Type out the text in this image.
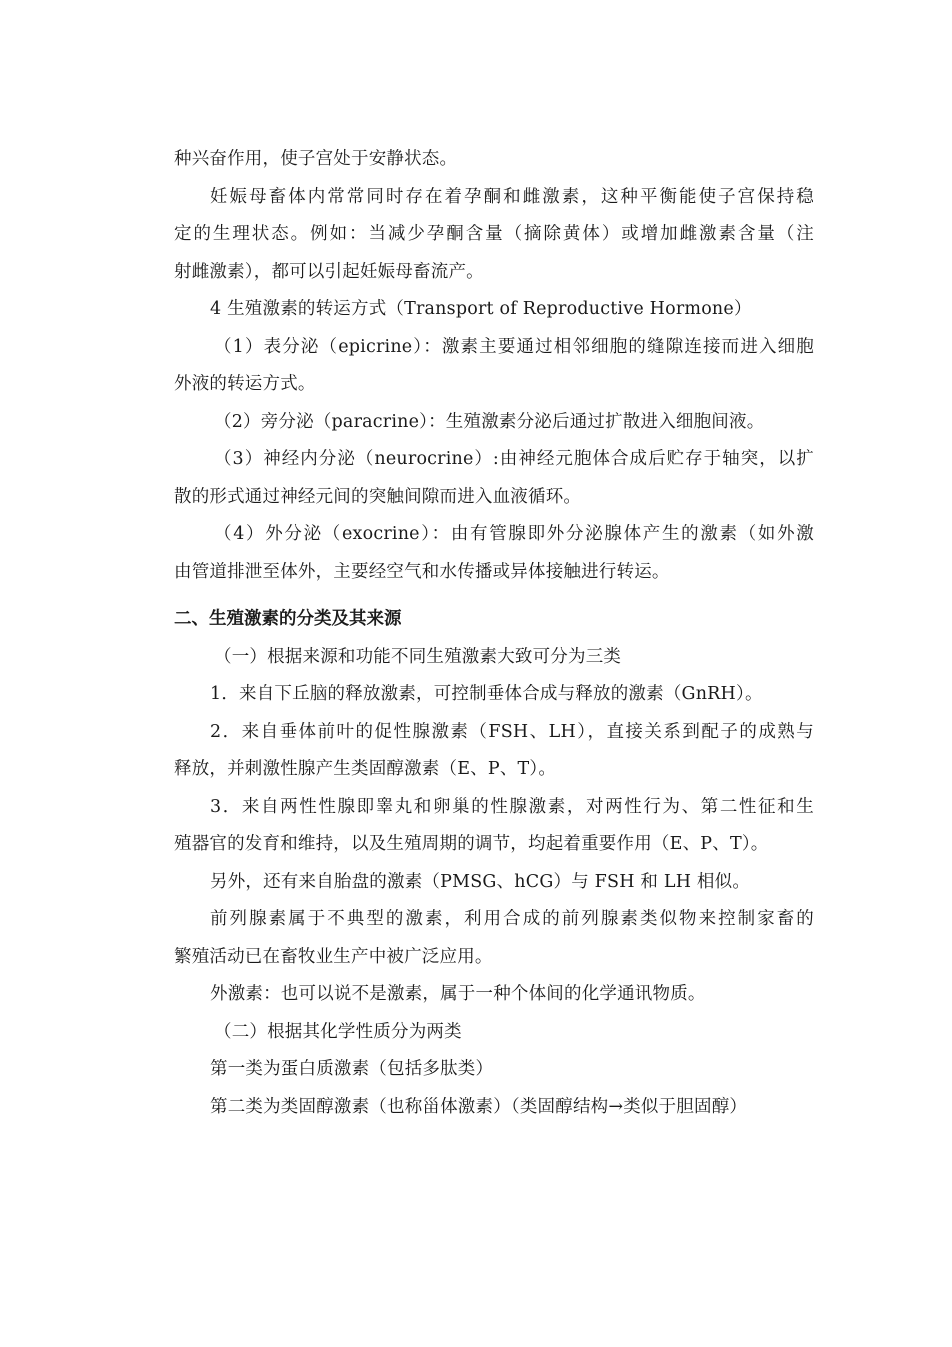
种兴奋作用，使子宫处于安静状态。
妊娠母畜体内常常同时存在着孕酮和雌激素，这种平衡能使子宫保持稳
定的生理状态。例如：当减少孕酮含量（摘除黄体）或增加雌激素含量（注
射雌激素），都可以引起妊娠母畜流产。
4 生殖激素的转运方式（Transport of Reproductive Hormone）
（1）表分泌（epicrine）：激素主要通过相邻细胞的缝隙连接而进入细胞
外液的转运方式。
（2）旁分泌（paracrine）：生殖激素分泌后通过扩散进入细胞间液。
（3）神经内分泌（neurocrine）:由神经元胞体合成后贮存于轴突，以扩
散的形式通过神经元间的突触间隙而进入血液循环。
（4）外分泌（exocrine）：由有管腺即外分泌腺体产生的激素（如外激
由管道排泄至体外，主要经空气和水传播或异体接触进行转运。
二、生殖激素的分类及其来源
（一）根据来源和功能不同生殖激素大致可分为三类
1．来自下丘脑的释放激素，可控制垂体合成与释放的激素（GnRH）。
2．来自垂体前叶的促性腺激素（FSH、LH），直接关系到配子的成熟与
释放，并刺激性腺产生类固醇激素（E、P、T）。
3．来自两性性腺即睾丸和卵巢的性腺激素，对两性行为、第二性征和生
殖器官的发育和维持，以及生殖周期的调节，均起着重要作用（E、P、T）。
另外，还有来自胎盘的激素（PMSG、hCG）与 FSH 和 LH 相似。
前列腺素属于不典型的激素，利用合成的前列腺素类似物来控制家畜的
繁殖活动已在畜牧业生产中被广泛应用。
外激素：也可以说不是激素，属于一种个体间的化学通讯物质。
（二）根据其化学性质分为两类
第一类为蛋白质激素（包括多肽类）
第二类为类固醇激素（也称甾体激素）（类固醇结构→类似于胆固醇）
